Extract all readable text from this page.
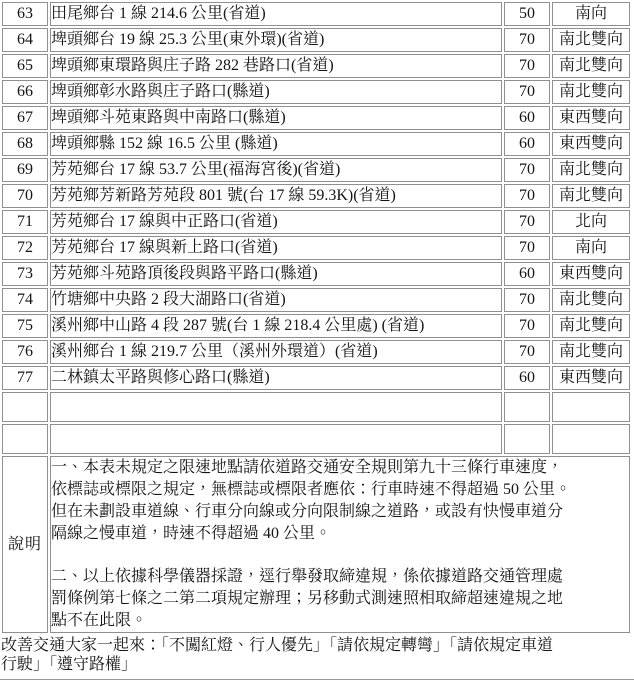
63	田尾鄉台 1 線 214.6 公里(省道)	50	南向
64	埤頭鄉台 19 線 25.3 公里(東外環)(省道)	70	南北雙向
65	埤頭鄉東環路與庄子路 282 巷路口(省道)	70	南北雙向
66	埤頭鄉彰水路與庄子路口(縣道)	70	南北雙向
67	埤頭鄉斗苑東路與中南路口(縣道)	60	東西雙向
68	埤頭鄉縣 152 線 16.5 公里 (縣道)	60	東西雙向
69	芳苑鄉台 17 線 53.7 公里(福海宮後)(省道)	70	南北雙向
70	芳苑鄉芳新路芳苑段 801 號(台 17 線 59.3K)(省道)	70	南北雙向
71	芳苑鄉台 17 線與中正路口(省道)	70	北向
72	芳苑鄉台 17 線與新上路口(省道)	70	南向
73	芳苑鄉斗苑路頂後段與路平路口(縣道)	60	東西雙向
74	竹塘鄉中央路 2 段大湖路口(省道)	70	南北雙向
75	溪州鄉中山路 4 段 287 號(台 1 線 218.4 公里處) (省道)	70	南北雙向
76	溪州鄉台 1 線 219.7 公里（溪州外環道）(省道)	70	南北雙向
77	二林鎮太平路與修心路口(縣道)	60	東西雙向

說明	
一、本表未規定之限速地點請依道路交通安全規則第九十三條行車速度，
依標誌或標限之規定，無標誌或標限者應依：行車時速不得超過 50 公里。
但在未劃設車道線、行車分向線或分向限制線之道路，或設有快慢車道分
隔線之慢車道，時速不得超過 40 公里。
二、以上依據科學儀器採證，逕行舉發取締違規，係依據道路交通管理處
罰條例第七條之二第二項規定辦理；另移動式測速照相取締超速違規之地
點不在此限。
改善交通大家一起來：「不闖紅燈、行人優先」「請依規定轉彎」「請依規定車道
行駛」「遵守路權」
